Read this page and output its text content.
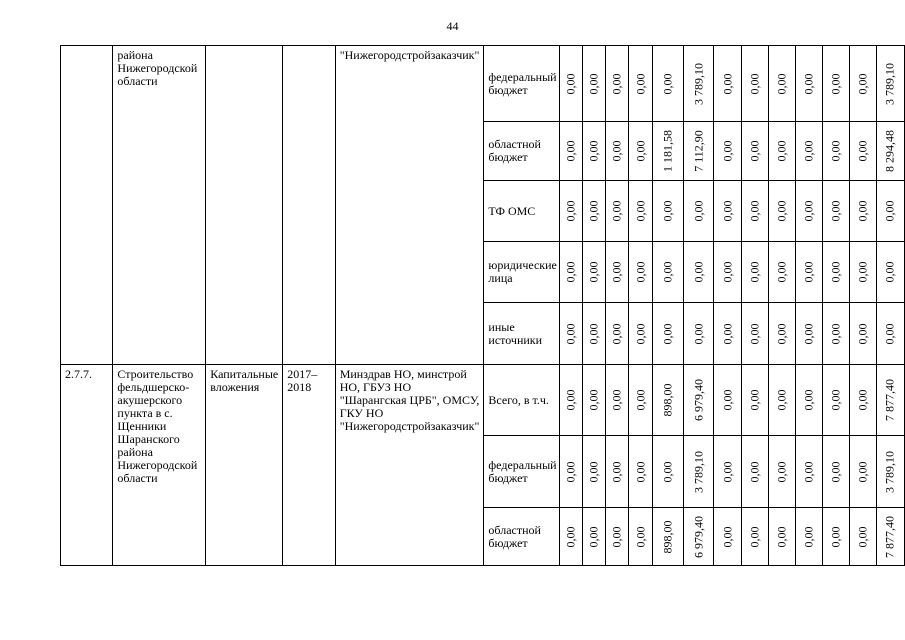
44
	района Нижегородской области			"Нижегородстройзаказчик"	федеральный бюджет	0,00	0,00	0,00	0,00	0,00	3 789,10	0,00	0,00	0,00	0,00	0,00	0,00	3 789,10

					областной бюджет	0,00	0,00	0,00	0,00	1 181,58	7 112,90	0,00	0,00	0,00	0,00	0,00	0,00	8 294,48

					ТФ ОМС	0,00	0,00	0,00	0,00	0,00	0,00	0,00	0,00	0,00	0,00	0,00	0,00	0,00

					юридические лица	0,00	0,00	0,00	0,00	0,00	0,00	0,00	0,00	0,00	0,00	0,00	0,00	0,00

					иные источники	0,00	0,00	0,00	0,00	0,00	0,00	0,00	0,00	0,00	0,00	0,00	0,00	0,00

2.7.7.	Строительство фельдшерско-акушерского пункта в с. Щенники Шаранского района Нижегородской области	Капитальные вложения	2017–2018	Минздрав НО, минстрой НО, ГБУЗ НО "Шарангская ЦРБ", ОМСУ, ГКУ НО "Нижегородстройзаказчик"	Всего, в т.ч.	0,00	0,00	0,00	0,00	898,00	6 979,40	0,00	0,00	0,00	0,00	0,00	0,00	7 877,40

					федеральный бюджет	0,00	0,00	0,00	0,00	0,00	3 789,10	0,00	0,00	0,00	0,00	0,00	0,00	3 789,10

					областной бюджет	0,00	0,00	0,00	0,00	898,00	6 979,40	0,00	0,00	0,00	0,00	0,00	0,00	7 877,40
